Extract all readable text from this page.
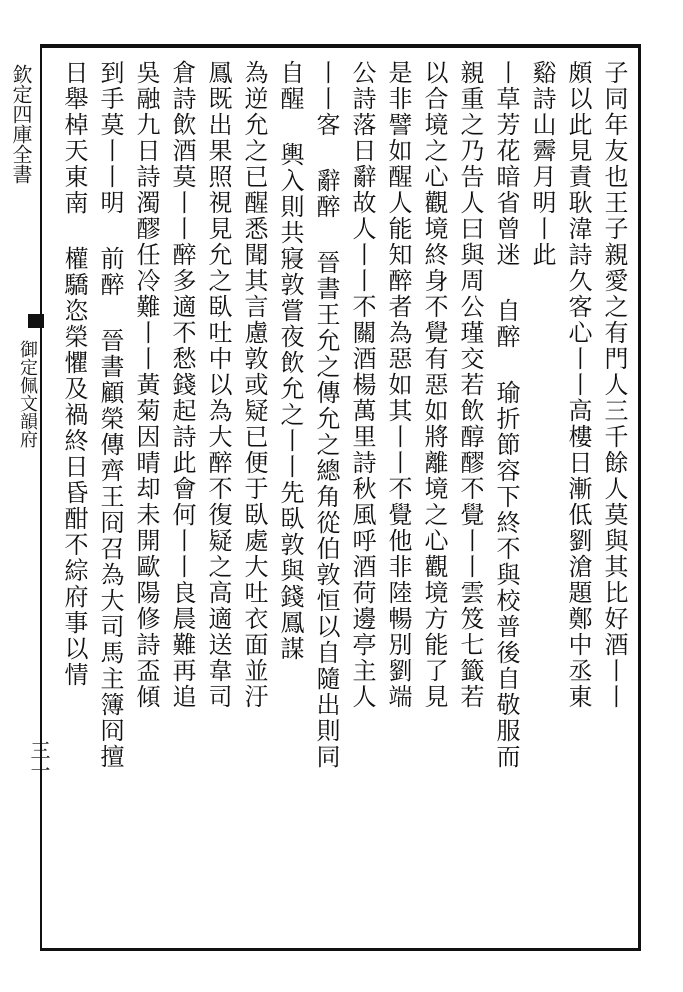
欽定四庫全書
御定佩文韻府
三一
子同年友也王子親愛之有門人三千餘人莫與其比好酒丨丨
頗以此見責耿湋詩久客心丨丨高樓日漸低劉滄題鄭中丞東
谿詩山霽月明丨此
丨草芳花暗省曾迷 自醉 瑜折節容下終不與校普後自敬服而
親重之乃告人曰與周公瑾交若飲醇醪不覺丨丨雲笈七籤若
以合境之心觀境終身不覺有惡如將離境之心觀境方能了見
是非譬如醒人能知醉者為惡如其丨丨不覺他非陸暢別劉端
公詩落日辭故人丨丨不關酒楊萬里詩秋風呼酒荷邊亭主人
丨丨客 辭醉 晉書王允之傳允之總角從伯敦恒以自隨出則同
自醒 輿入則共寢敦嘗夜飲允之丨丨先臥敦與錢鳳謀
為逆允之已醒悉聞其言慮敦或疑已便于臥處大吐衣面並汙
鳳既出果照視見允之臥吐中以為大醉不復疑之高適送韋司
倉詩飲酒莫丨丨醉多適不愁錢起詩此會何丨丨良晨難再追
吳融九日詩濁醪任冷難丨丨黃菊因晴却未開歐陽修詩盃傾
到手莫丨丨明 前醉 晉書顧榮傳齊王冏召為大司馬主簿冏擅
日舉棹天東南 權驕恣榮懼及禍終日昏酣不綜府事以情
